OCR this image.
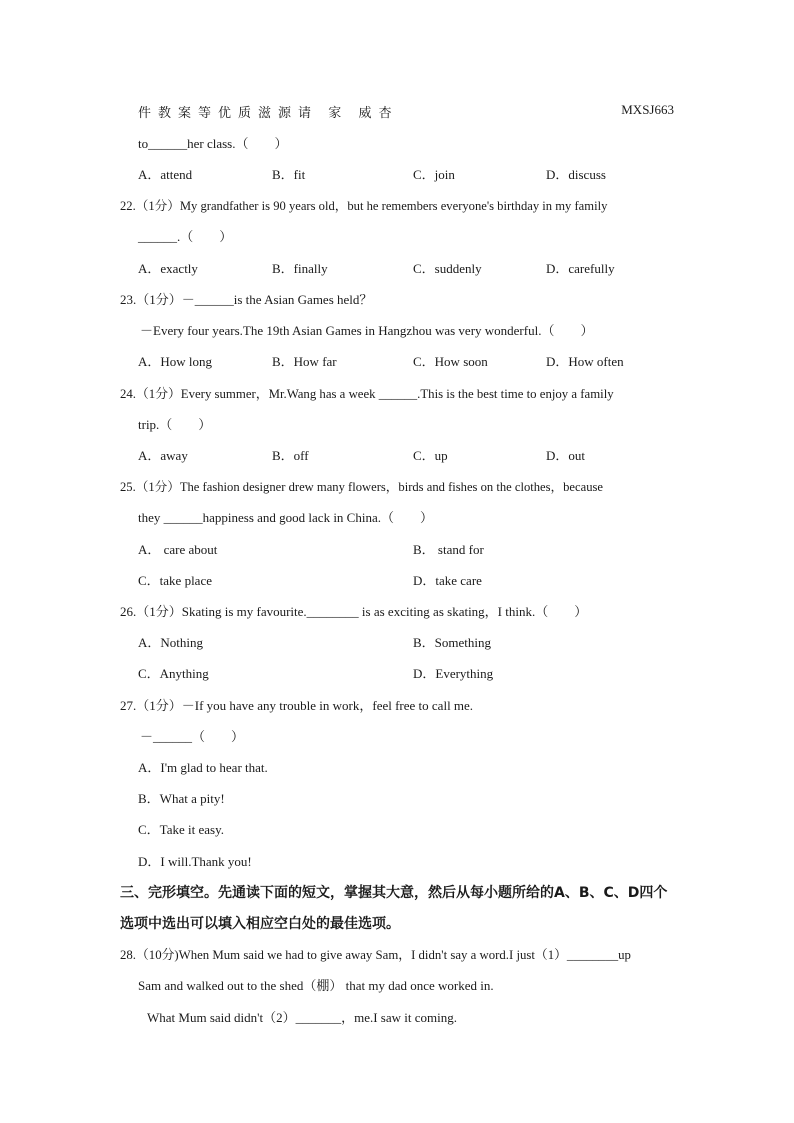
件教案等优质滋源请 家 威杏	MXSJ663
to______her class.（　　）
A．attend	B．fit	C．join	D．discuss
22.（1分）My grandfather is 90 years old，but he remembers everyone's birthday in my family
______.（　　）
A．exactly	B．finally	C．suddenly	D．carefully
23.（1分）－______is the Asian Games held？
－Every four years.The 19th Asian Games in Hangzhou was very wonderful.（　　）
A．How long	B．How far	C．How soon	D．How often
24.（1分）Every summer，Mr.Wang has a week ______.This is the best time to enjoy a family
trip.（　　）
A．away	B．off	C．up	D．out
25.（1分）The fashion designer drew many flowers，birds and fishes on the clothes，because
they ______happiness and good lack in China.（　　）
A． care about	B． stand for
C．take place	D．take care
26.（1分）Skating is my favourite.________ is as exciting as skating，I think.（　　）
A．Nothing	B．Something
C．Anything	D．Everything
27.（1分）－If you have any trouble in work，feel free to call me.
－______（　　）
A．I'm glad to hear that.
B．What a pity!
C．Take it easy.
D．I will.Thank you!
三、完形填空。先通读下面的短文，掌握其大意，然后从每小题所给的A、B、C、D四个
选项中选出可以填入相应空白处的最佳选项。
28.（10分)When Mum said we had to give away Sam，I didn't say a word.I just（1）________up
Sam and walked out to the shed（棚） that my dad once worked in.
What Mum said didn't（2）_______，me.I saw it coming.
